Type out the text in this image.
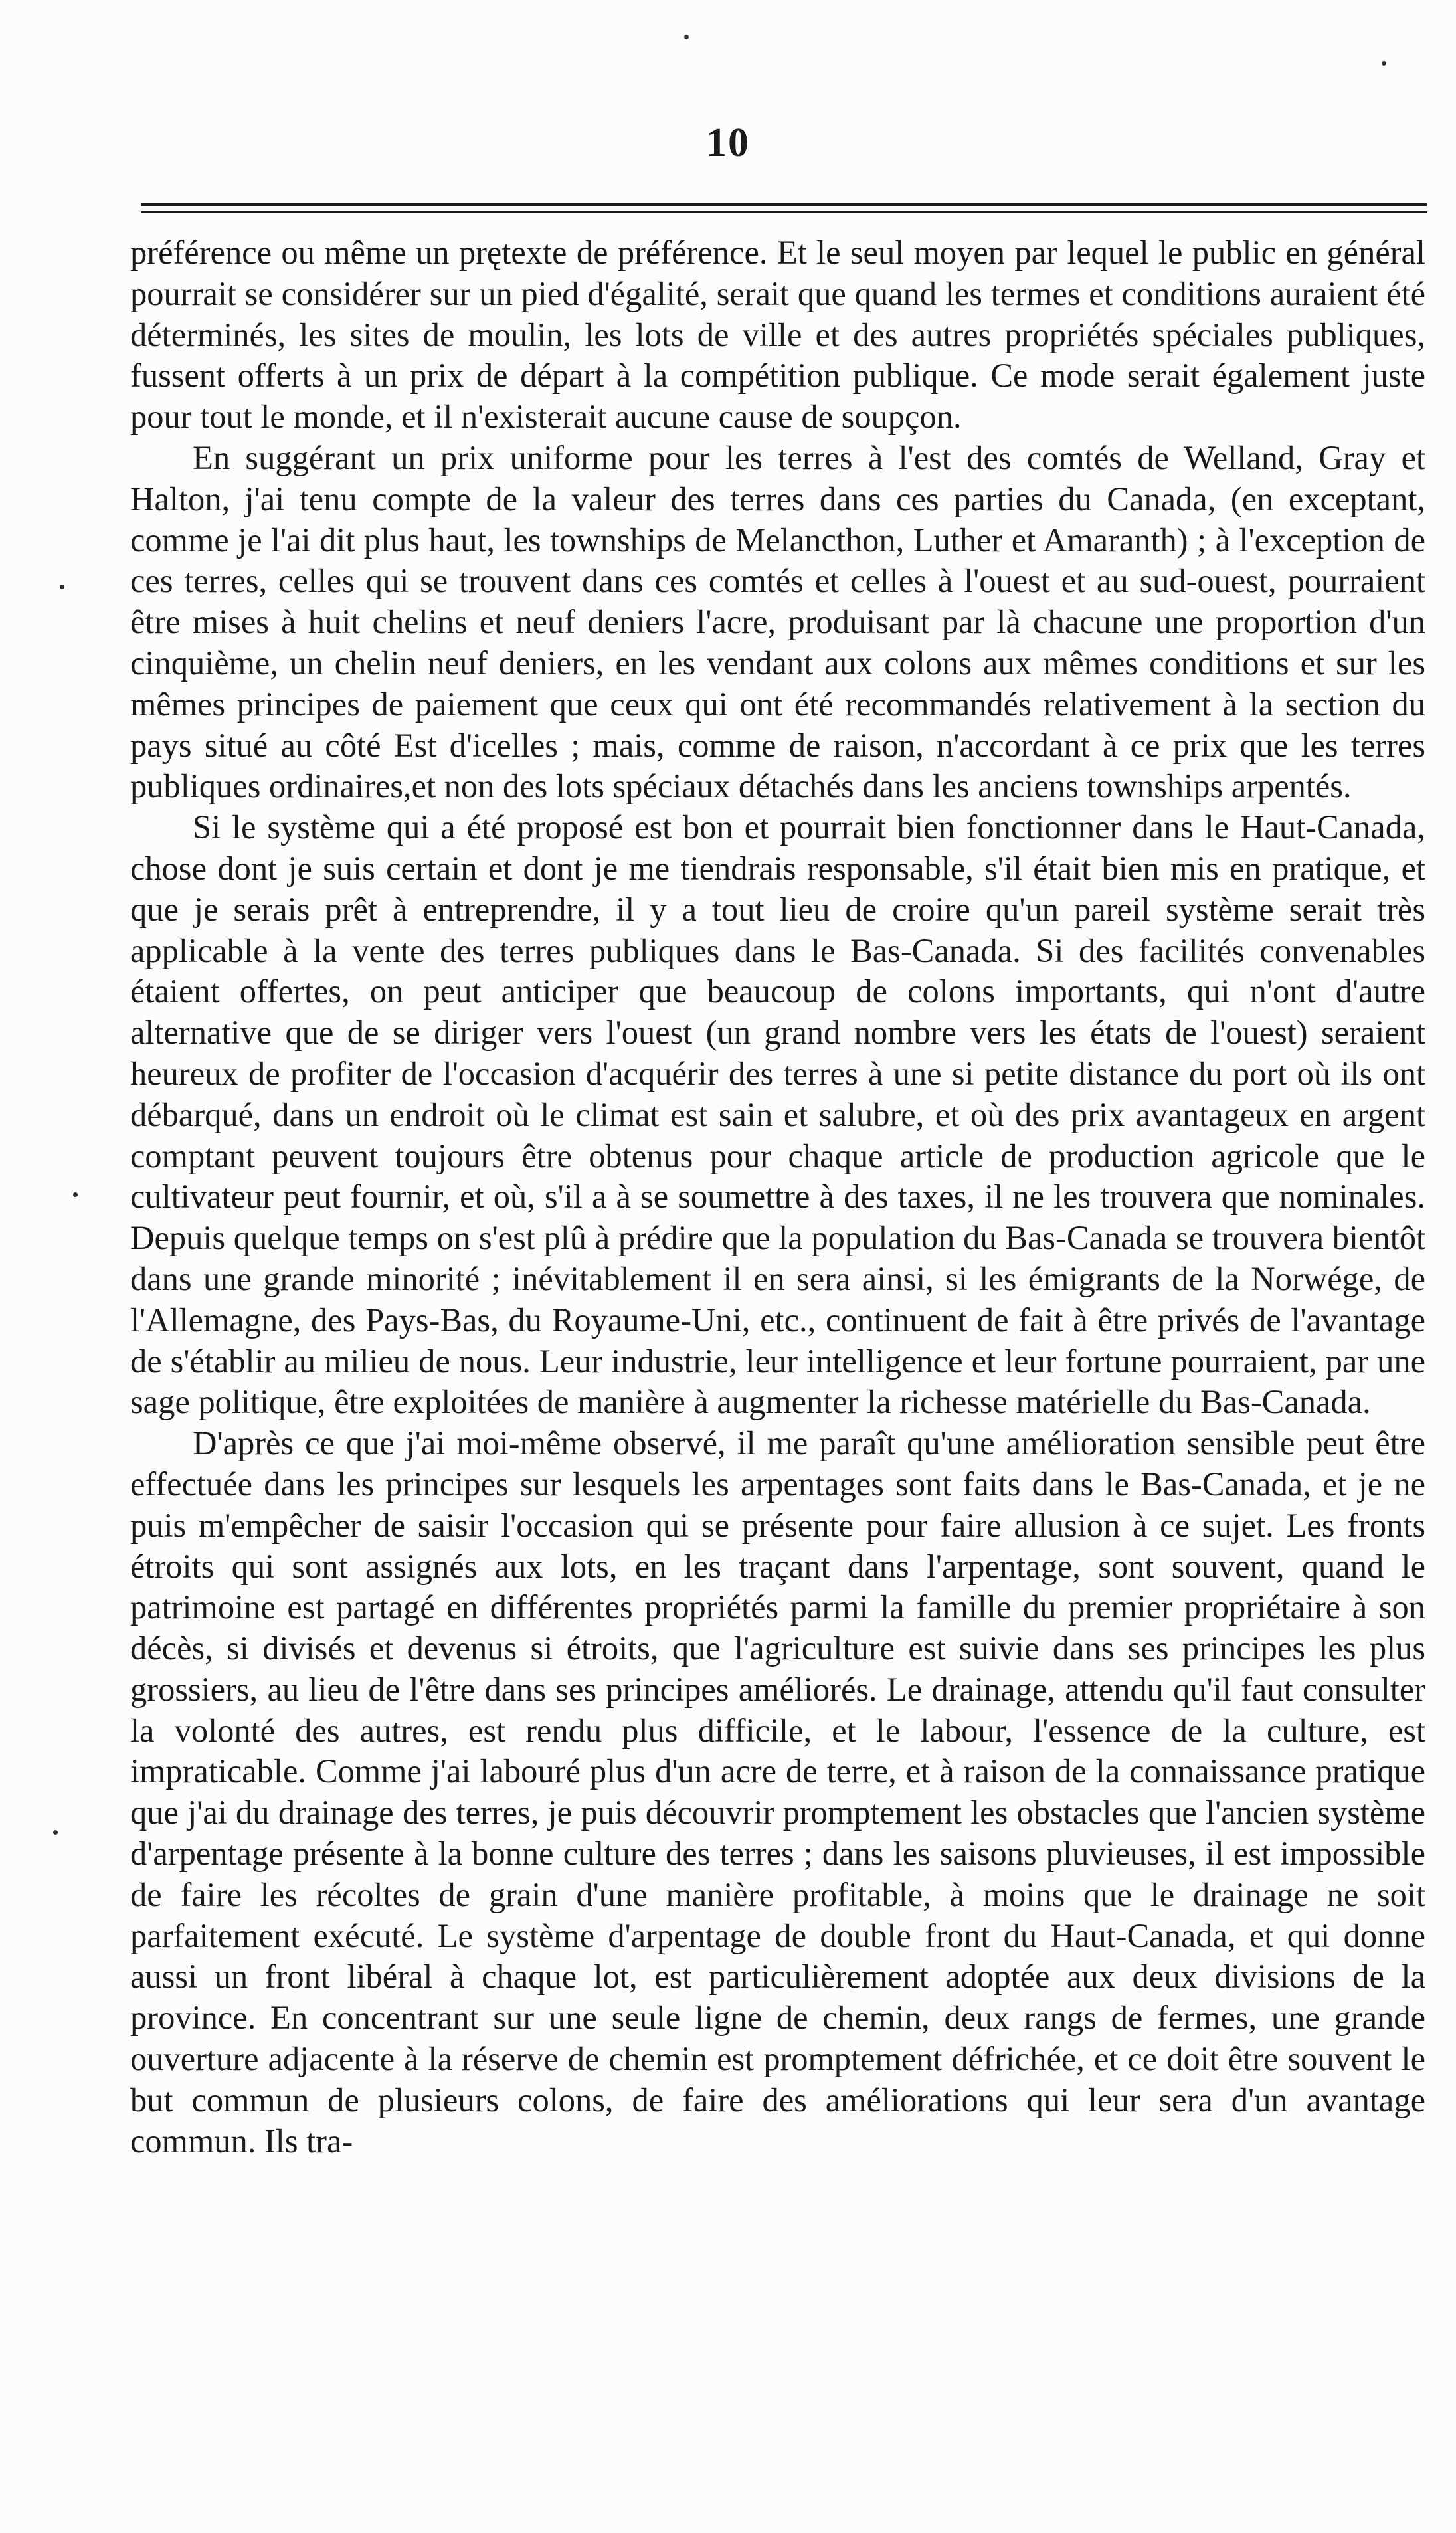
10

préférence ou même un prętexte de préférence. Et le seul moyen par lequel le public en général pourrait se considérer sur un pied d'égalité, serait que quand les termes et conditions auraient été déterminés, les sites de moulin, les lots de ville et des autres propriétés spéciales publiques, fussent offerts à un prix de départ à la compétition publique. Ce mode serait également juste pour tout le monde, et il n'existerait aucune cause de soupçon.

En suggérant un prix uniforme pour les terres à l'est des comtés de Welland, Gray et Halton, j'ai tenu compte de la valeur des terres dans ces parties du Canada, (en exceptant, comme je l'ai dit plus haut, les townships de Melancthon, Luther et Amaranth) ; à l'exception de ces terres, celles qui se trouvent dans ces comtés et celles à l'ouest et au sud-ouest, pourraient être mises à huit chelins et neuf deniers l'acre, produisant par là chacune une proportion d'un cinquième, un chelin neuf deniers, en les vendant aux colons aux mêmes conditions et sur les mêmes principes de paiement que ceux qui ont été recommandés relativement à la section du pays situé au côté Est d'icelles ; mais, comme de raison, n'accordant à ce prix que les terres publiques ordinaires,et non des lots spéciaux détachés dans les anciens townships arpentés.

Si le système qui a été proposé est bon et pourrait bien fonctionner dans le Haut-Canada, chose dont je suis certain et dont je me tiendrais responsable, s'il était bien mis en pratique, et que je serais prêt à entreprendre, il y a tout lieu de croire qu'un pareil système serait très applicable à la vente des terres publiques dans le Bas-Canada. Si des facilités convenables étaient offertes, on peut anticiper que beaucoup de colons importants, qui n'ont d'autre alternative que de se diriger vers l'ouest (un grand nombre vers les états de l'ouest) seraient heureux de profiter de l'occasion d'acquérir des terres à une si petite distance du port où ils ont débarqué, dans un endroit où le climat est sain et salubre, et où des prix avantageux en argent comptant peuvent toujours être obtenus pour chaque article de production agricole que le cultivateur peut fournir, et où, s'il a à se soumettre à des taxes, il ne les trouvera que nominales. Depuis quelque temps on s'est plû à prédire que la population du Bas-Canada se trouvera bientôt dans une grande minorité ; inévitablement il en sera ainsi, si les émigrants de la Norwége, de l'Allemagne, des Pays-Bas, du Royaume-Uni, etc., continuent de fait à être privés de l'avantage de s'établir au milieu de nous. Leur industrie, leur intelligence et leur fortune pourraient, par une sage politique, être exploitées de manière à augmenter la richesse matérielle du Bas-Canada.

D'après ce que j'ai moi-même observé, il me paraît qu'une amélioration sensible peut être effectuée dans les principes sur lesquels les arpentages sont faits dans le Bas-Canada, et je ne puis m'empêcher de saisir l'occasion qui se présente pour faire allusion à ce sujet. Les fronts étroits qui sont assignés aux lots, en les traçant dans l'arpentage, sont souvent, quand le patrimoine est partagé en différentes propriétés parmi la famille du premier propriétaire à son décès, si divisés et devenus si étroits, que l'agriculture est suivie dans ses principes les plus grossiers, au lieu de l'être dans ses principes améliorés. Le drainage, attendu qu'il faut consulter la volonté des autres, est rendu plus difficile, et le labour, l'essence de la culture, est impraticable. Comme j'ai labouré plus d'un acre de terre, et à raison de la connaissance pratique que j'ai du drainage des terres, je puis découvrir promptement les obstacles que l'ancien système d'arpentage présente à la bonne culture des terres ; dans les saisons pluvieuses, il est impossible de faire les récoltes de grain d'une manière profitable, à moins que le drainage ne soit parfaitement exécuté. Le système d'arpentage de double front du Haut-Canada, et qui donne aussi un front libéral à chaque lot, est particulièrement adoptée aux deux divisions de la province. En concentrant sur une seule ligne de chemin, deux rangs de fermes, une grande ouverture adjacente à la réserve de chemin est promptement défrichée, et ce doit être souvent le but commun de plusieurs colons, de faire des améliorations qui leur sera d'un avantage commun. Ils tra-
